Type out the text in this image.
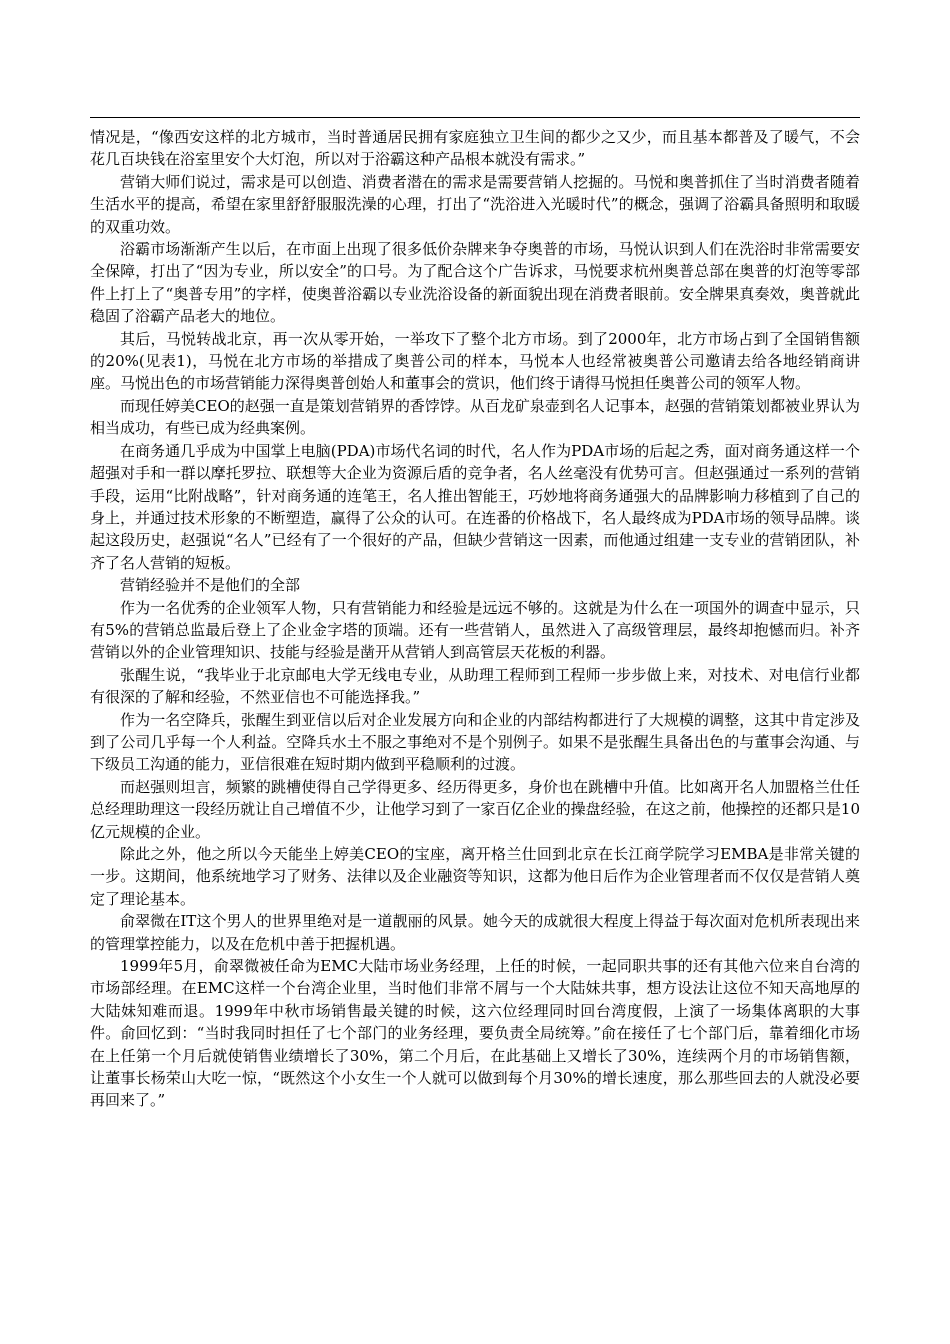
情况是，“像西安这样的北方城市，当时普通居民拥有家庭独立卫生间的都少之又少，而且基本都普及了暖气，不会花几百块钱在浴室里安个大灯泡，所以对于浴霸这种产品根本就没有需求。”

营销大师们说过，需求是可以创造、消费者潜在的需求是需要营销人挖掘的。马悦和奥普抓住了当时消费者随着生活水平的提高，希望在家里舒舒服服洗澡的心理，打出了“洗浴进入光暖时代”的概念，强调了浴霸具备照明和取暖的双重功效。

浴霸市场渐渐产生以后，在市面上出现了很多低价杂牌来争夺奥普的市场，马悦认识到人们在洗浴时非常需要安全保障，打出了“因为专业，所以安全”的口号。为了配合这个广告诉求，马悦要求杭州奥普总部在奥普的灯泡等零部件上打上了“奥普专用”的字样，使奥普浴霸以专业洗浴设备的新面貌出现在消费者眼前。安全牌果真奏效，奥普就此稳固了浴霸产品老大的地位。

其后，马悦转战北京，再一次从零开始，一举攻下了整个北方市场。到了2000年，北方市场占到了全国销售额的20%(见表1)，马悦在北方市场的举措成了奥普公司的样本，马悦本人也经常被奥普公司邀请去给各地经销商讲座。马悦出色的市场营销能力深得奥普创始人和董事会的赏识，他们终于请得马悦担任奥普公司的领军人物。

而现任婷美CEO的赵强一直是策划营销界的香饽饽。从百龙矿泉壶到名人记事本，赵强的营销策划都被业界认为相当成功，有些已成为经典案例。

在商务通几乎成为中国掌上电脑(PDA)市场代名词的时代，名人作为PDA市场的后起之秀，面对商务通这样一个超强对手和一群以摩托罗拉、联想等大企业为资源后盾的竞争者，名人丝毫没有优势可言。但赵强通过一系列的营销手段，运用“比附战略”，针对商务通的连笔王，名人推出智能王，巧妙地将商务通强大的品牌影响力移植到了自己的身上，并通过技术形象的不断塑造，赢得了公众的认可。在连番的价格战下，名人最终成为PDA市场的领导品牌。谈起这段历史，赵强说“名人”已经有了一个很好的产品，但缺少营销这一因素，而他通过组建一支专业的营销团队，补齐了名人营销的短板。

营销经验并不是他们的全部

作为一名优秀的企业领军人物，只有营销能力和经验是远远不够的。这就是为什么在一项国外的调查中显示，只有5%的营销总监最后登上了企业金字塔的顶端。还有一些营销人，虽然进入了高级管理层，最终却抱憾而归。补齐营销以外的企业管理知识、技能与经验是凿开从营销人到高管层天花板的利器。

张醒生说，“我毕业于北京邮电大学无线电专业，从助理工程师到工程师一步步做上来，对技术、对电信行业都有很深的了解和经验，不然亚信也不可能选择我。”

作为一名空降兵，张醒生到亚信以后对企业发展方向和企业的内部结构都进行了大规模的调整，这其中肯定涉及到了公司几乎每一个人利益。空降兵水土不服之事绝对不是个别例子。如果不是张醒生具备出色的与董事会沟通、与下级员工沟通的能力，亚信很难在短时期内做到平稳顺利的过渡。

而赵强则坦言，频繁的跳槽使得自己学得更多、经历得更多，身价也在跳槽中升值。比如离开名人加盟格兰仕任总经理助理这一段经历就让自己增值不少，让他学习到了一家百亿企业的操盘经验，在这之前，他操控的还都只是10亿元规模的企业。

除此之外，他之所以今天能坐上婷美CEO的宝座，离开格兰仕回到北京在长江商学院学习EMBA是非常关键的一步。这期间，他系统地学习了财务、法律以及企业融资等知识，这都为他日后作为企业管理者而不仅仅是营销人奠定了理论基本。

俞翠微在IT这个男人的世界里绝对是一道靓丽的风景。她今天的成就很大程度上得益于每次面对危机所表现出来的管理掌控能力，以及在危机中善于把握机遇。

1999年5月，俞翠微被任命为EMC大陆市场业务经理，上任的时候，一起同职共事的还有其他六位来自台湾的市场部经理。在EMC这样一个台湾企业里，当时他们非常不屑与一个大陆妹共事，想方设法让这位不知天高地厚的大陆妹知难而退。1999年中秋市场销售最关键的时候，这六位经理同时回台湾度假，上演了一场集体离职的大事件。俞回忆到：“当时我同时担任了七个部门的业务经理，要负责全局统筹。”俞在接任了七个部门后，靠着细化市场在上任第一个月后就使销售业绩增长了30%，第二个月后，在此基础上又增长了30%，连续两个月的市场销售额，让董事长杨荣山大吃一惊，“既然这个小女生一个人就可以做到每个月30%的增长速度，那么那些回去的人就没必要再回来了。”
